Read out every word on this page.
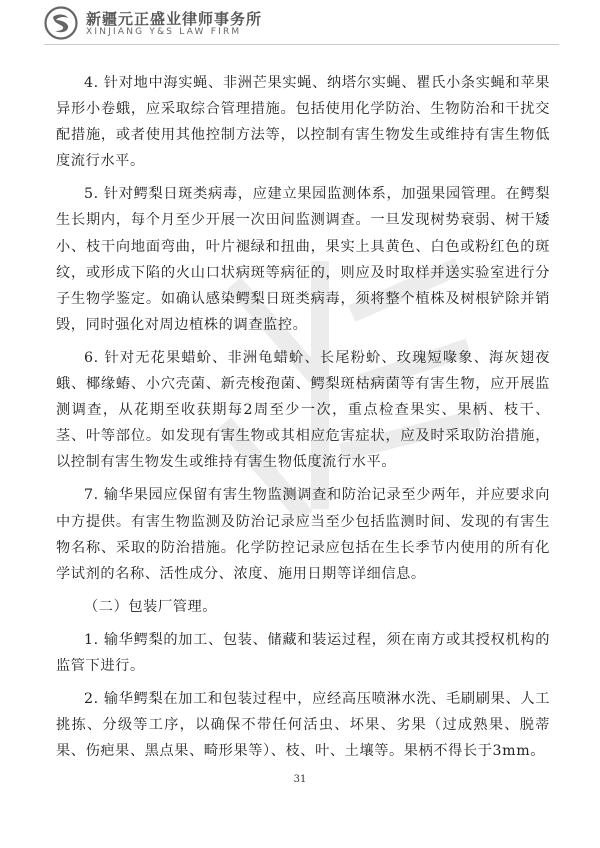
新疆元正盛业律师事务所
XINJIANG Y&S LAW FIRM

4. 针对地中海实蝇、非洲芒果实蝇、纳塔尔实蝇、瞿氏小条实蝇和苹果异形小卷蛾，应采取综合管理措施。包括使用化学防治、生物防治和干扰交配措施，或者使用其他控制方法等，以控制有害生物发生或维持有害生物低度流行水平。

5. 针对鳄梨日斑类病毒，应建立果园监测体系，加强果园管理。在鳄梨生长期内，每个月至少开展一次田间监测调查。一旦发现树势衰弱、树干矮小、枝干向地面弯曲，叶片褪绿和扭曲，果实上具黄色、白色或粉红色的斑纹，或形成下陷的火山口状病斑等病征的，则应及时取样并送实验室进行分子生物学鉴定。如确认感染鳄梨日斑类病毒，须将整个植株及树根铲除并销毁，同时强化对周边植株的调查监控。

6. 针对无花果蜡蚧、非洲龟蜡蚧、长尾粉蚧、玫瑰短喙象、海灰翅夜蛾、椰缘蝽、小穴壳菌、新壳梭孢菌、鳄梨斑枯病菌等有害生物，应开展监测调查，从花期至收获期每2周至少一次，重点检查果实、果柄、枝干、茎、叶等部位。如发现有害生物或其相应危害症状，应及时采取防治措施，以控制有害生物发生或维持有害生物低度流行水平。

7. 输华果园应保留有害生物监测调查和防治记录至少两年，并应要求向中方提供。有害生物监测及防治记录应当至少包括监测时间、发现的有害生物名称、采取的防治措施。化学防控记录应包括在生长季节内使用的所有化学试剂的名称、活性成分、浓度、施用日期等详细信息。

（二）包装厂管理。

1. 输华鳄梨的加工、包装、储藏和装运过程，须在南方或其授权机构的监管下进行。

2. 输华鳄梨在加工和包装过程中，应经高压喷淋水洗、毛刷刷果、人工挑拣、分级等工序，以确保不带任何活虫、坏果、劣果（过成熟果、脱蒂果、伤疤果、黑点果、畸形果等）、枝、叶、土壤等。果柄不得长于3mm。

31
